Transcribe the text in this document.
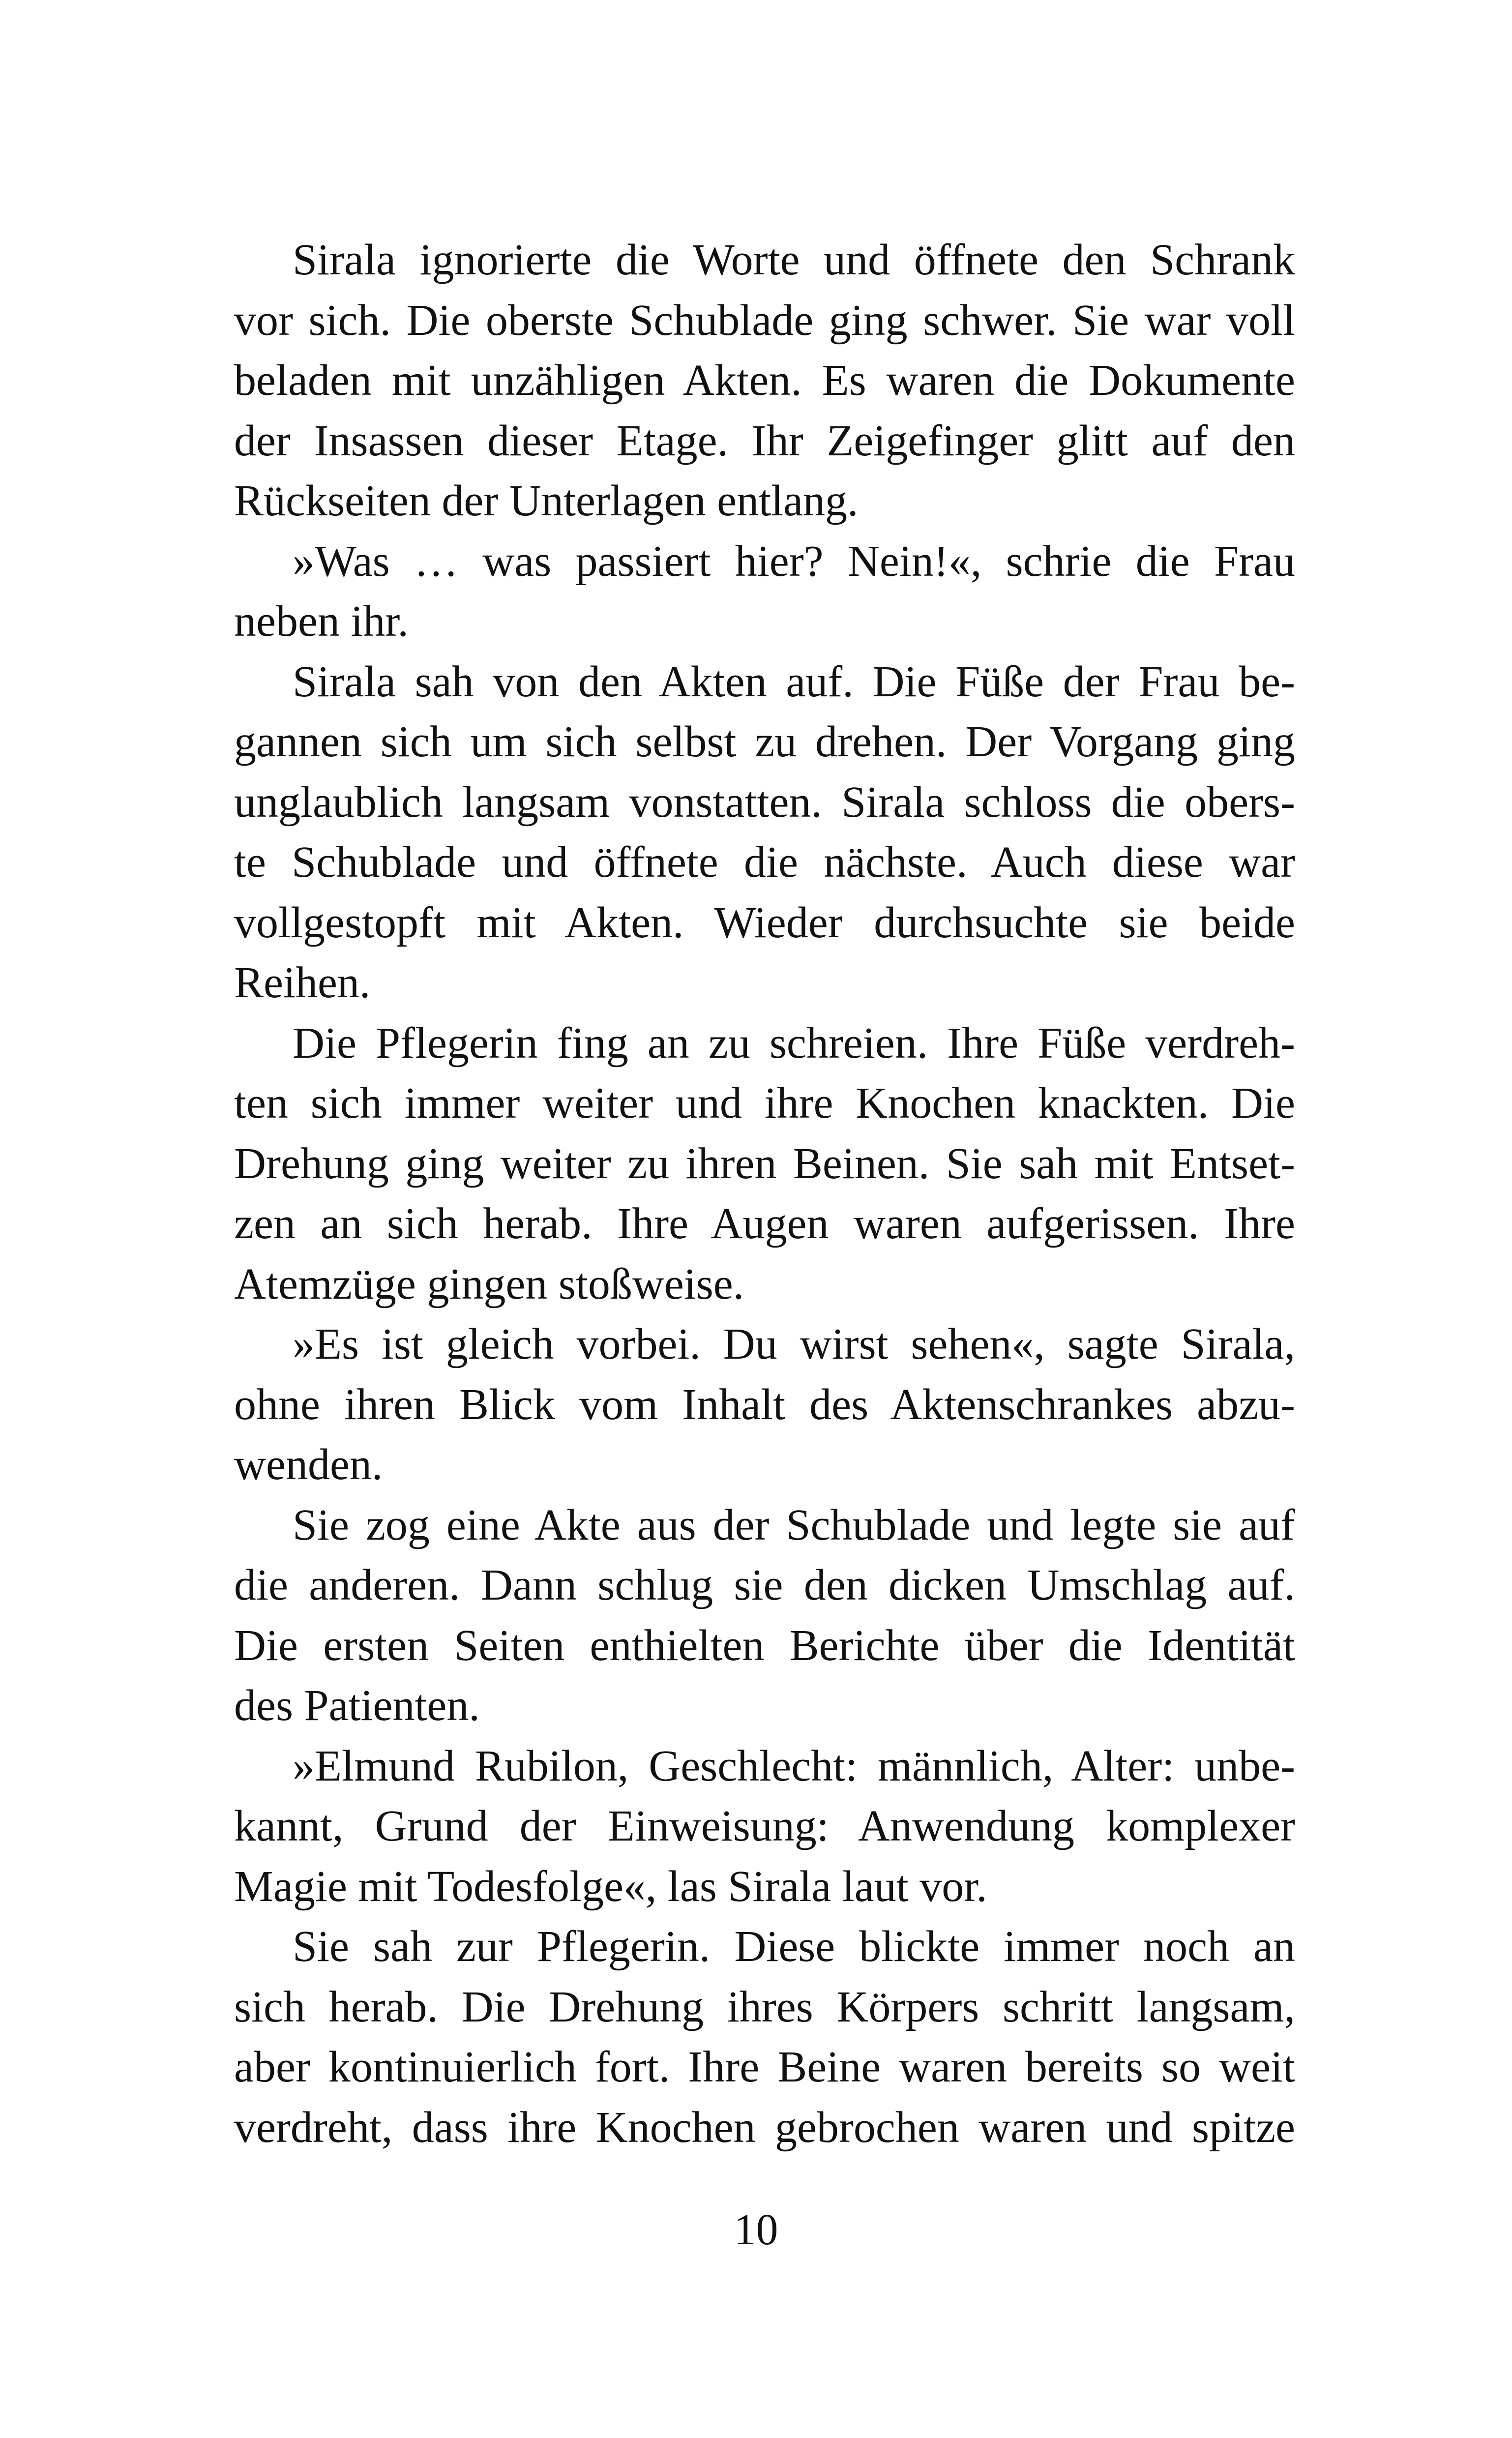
Sirala ignorierte die Worte und öffnete den Schrank
vor sich. Die oberste Schublade ging schwer. Sie war voll
beladen mit unzähligen Akten. Es waren die Dokumente
der Insassen dieser Etage. Ihr Zeigefinger glitt auf den
Rückseiten der Unterlagen entlang.
»Was … was passiert hier? Nein!«, schrie die Frau
neben ihr.
Sirala sah von den Akten auf. Die Füße der Frau be-
gannen sich um sich selbst zu drehen. Der Vorgang ging
unglaublich langsam vonstatten. Sirala schloss die obers-
te Schublade und öffnete die nächste. Auch diese war
vollgestopft mit Akten. Wieder durchsuchte sie beide
Reihen.
Die Pflegerin fing an zu schreien. Ihre Füße verdreh-
ten sich immer weiter und ihre Knochen knackten. Die
Drehung ging weiter zu ihren Beinen. Sie sah mit Entset-
zen an sich herab. Ihre Augen waren aufgerissen. Ihre
Atemzüge gingen stoßweise.
»Es ist gleich vorbei. Du wirst sehen«, sagte Sirala,
ohne ihren Blick vom Inhalt des Aktenschrankes abzu-
wenden.
Sie zog eine Akte aus der Schublade und legte sie auf
die anderen. Dann schlug sie den dicken Umschlag auf.
Die ersten Seiten enthielten Berichte über die Identität
des Patienten.
»Elmund Rubilon, Geschlecht: männlich, Alter: unbe-
kannt, Grund der Einweisung: Anwendung komplexer
Magie mit Todesfolge«, las Sirala laut vor.
Sie sah zur Pflegerin. Diese blickte immer noch an
sich herab. Die Drehung ihres Körpers schritt langsam,
aber kontinuierlich fort. Ihre Beine waren bereits so weit
verdreht, dass ihre Knochen gebrochen waren und spitze
10
